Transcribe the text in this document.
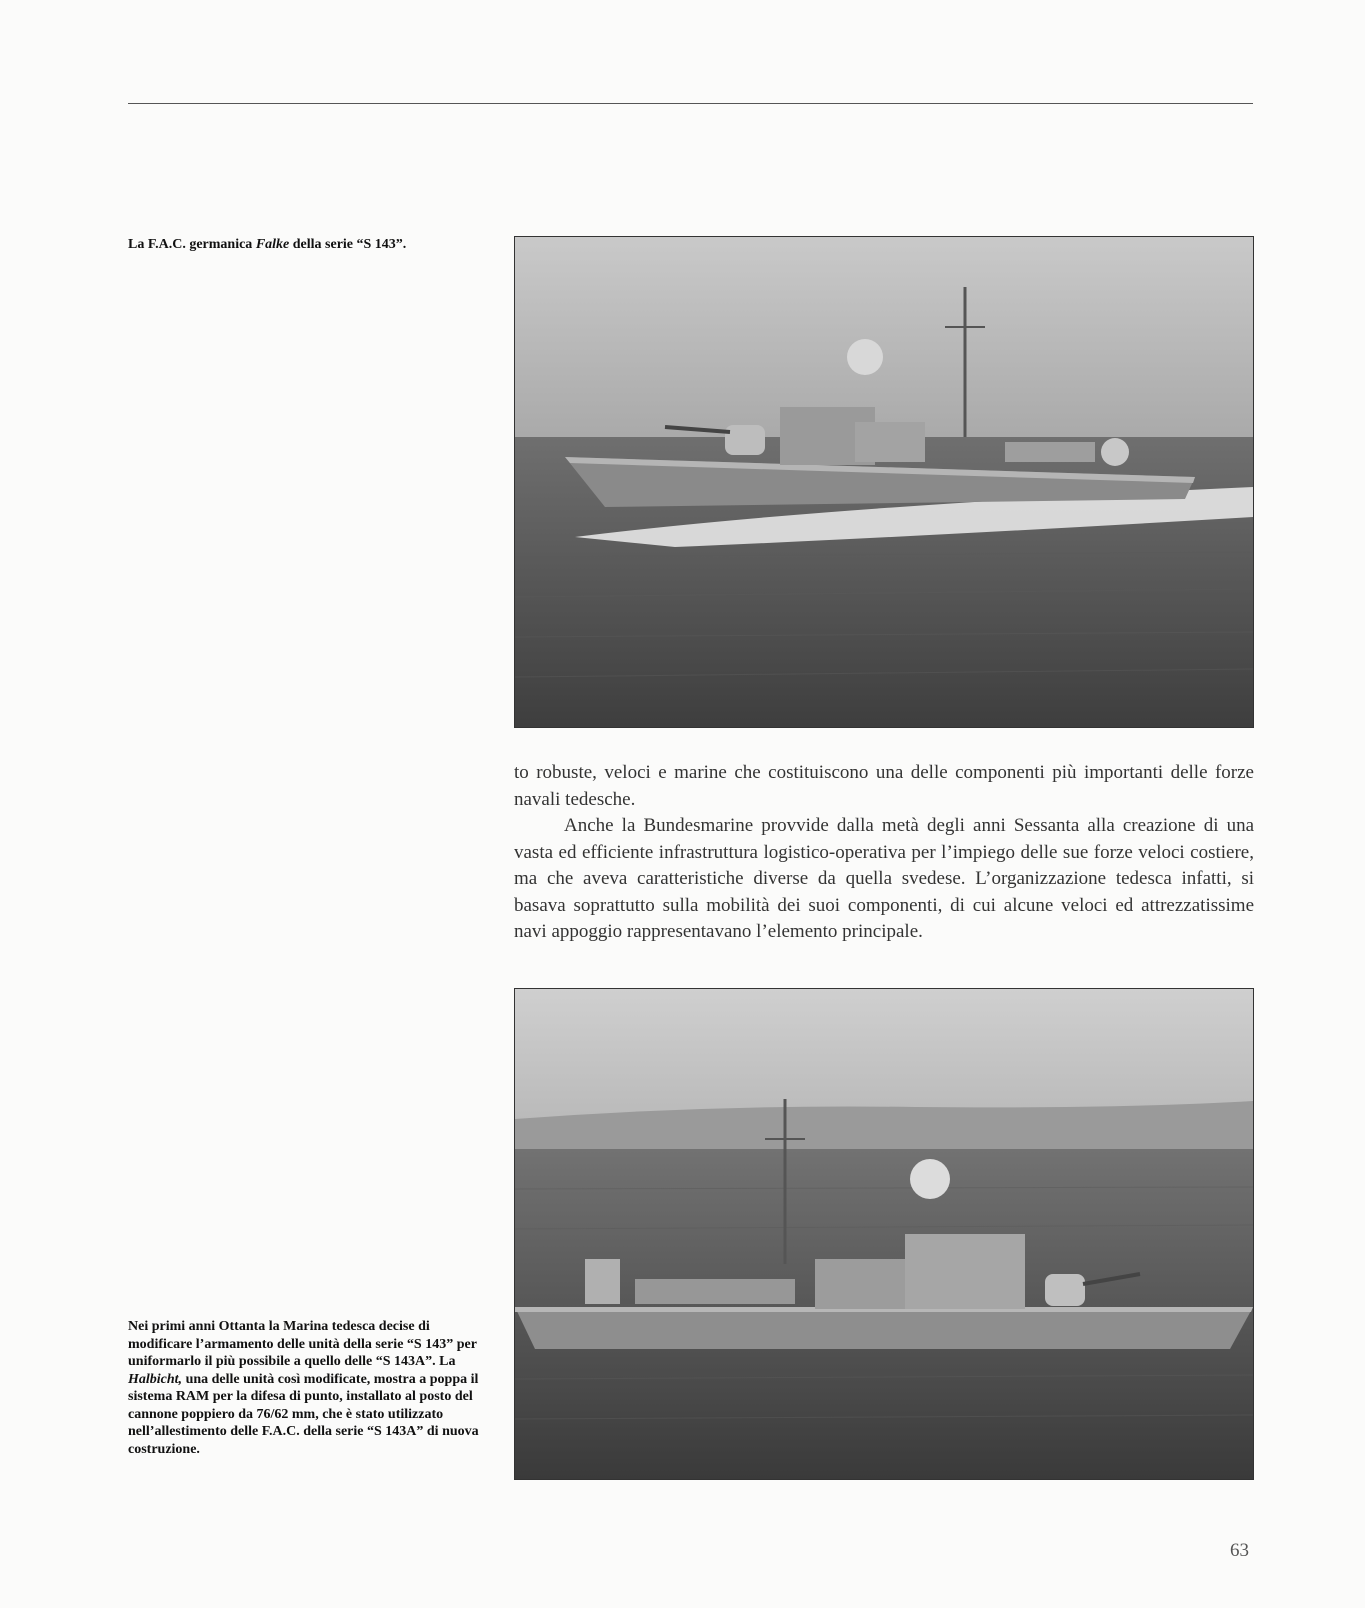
La F.A.C. germanica Falke della serie “S 143”.

to robuste, veloci e marine che costituiscono una delle componenti più importanti delle forze navali tedesche.

Anche la Bundesmarine provvide dalla metà degli anni Sessanta alla creazione di una vasta ed efficiente infrastruttura logistico-operativa per l’impiego delle sue forze veloci costiere, ma che aveva caratteristiche diverse da quella svedese. L’organizzazione tedesca infatti, si basava soprattutto sulla mobilità dei suoi componenti, di cui alcune veloci ed attrezzatissime navi appoggio rappresentavano l’elemento principale.

Nei primi anni Ottanta la Marina tedesca decise di modificare l’armamento delle unità della serie “S 143” per uniformarlo il più possibile a quello delle “S 143A”. La Halbicht, una delle unità così modificate, mostra a poppa il sistema RAM per la difesa di punto, installato al posto del cannone poppiero da 76/62 mm, che è stato utilizzato nell’allestimento delle F.A.C. della serie “S 143A” di nuova costruzione.
63
